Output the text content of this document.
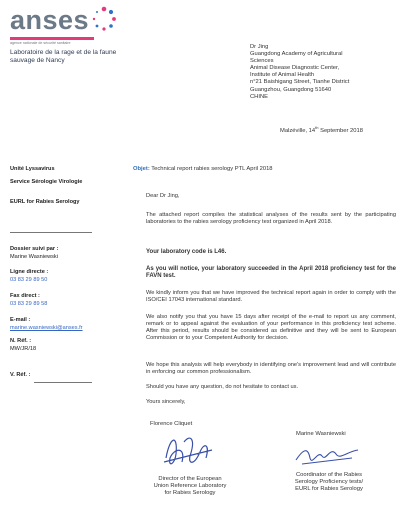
anses
agence nationale de sécurité sanitaire
Laboratoire de la rage et de la faune sauvage de Nancy
Dr Jing
Guangdong Academy of Agricultural
Sciences
Animal Disease Diagnostic Center,
Institute of Animal Health
n°21 Baishigang Street, Tianhe District
Guangzhou, Guangdong 51640
CHINE
Malzéville, 14th September 2018
Unité Lyssavirus
Service Sérologie Virologie
EURL for Rabies Serology
Dossier suivi par :
Marine Wasniewski
Ligne directe :
03 83 29 89 50
Fax direct :
03 83 29 89 58
E-mail :
marine.wasniewski@anses.fr
N. Réf. :
MW/JR/18
V. Réf. :
Objet: Technical report rabies serology PTL April 2018
Dear Dr Jing,
The attached report compiles the statistical analyses of the results sent by the participating laboratories to the rabies serology proficiency test organized in April 2018.
Your laboratory code is L46.
As you will notice, your laboratory succeeded in the April 2018 proficiency test for the FAVN test.
We kindly inform you that we have improved the technical report again in order to comply with the ISO/CEI 17043 international standard.
We also notify you that you have 15 days after receipt of the e-mail to report us any comment, remark or to appeal against the evaluation of your performance in this proficiency test scheme. After this period, results should be considered as definitive and they will be sent to European Commission or to your Competent Authority for decision.
We hope this analysis will help everybody in identifying one's improvement lead and will contribute in enforcing our common professionalism.
Should you have any question, do not hesitate to contact us.
Yours sincerely,
Florence Cliquet
Director of the European
Union Reference Laboratory
for Rabies Serology
Marine Wasniewski
Coordinator of the Rabies
Serology Proficiency tests/
EURL for Rabies Serology
